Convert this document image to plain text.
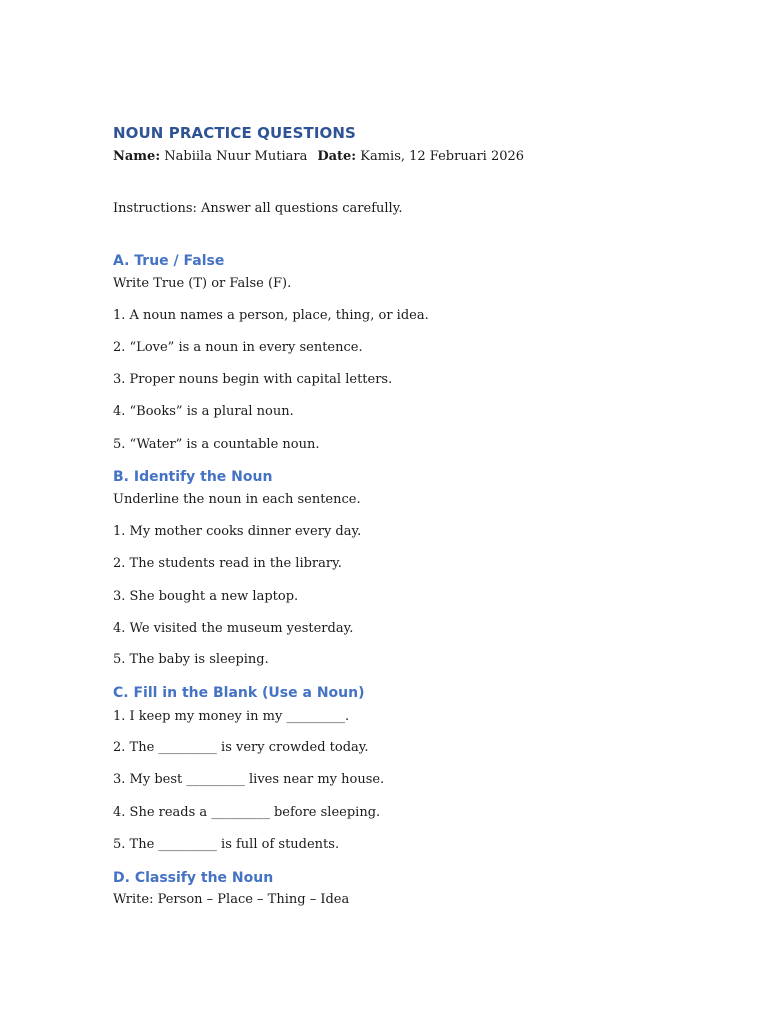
NOUN PRACTICE QUESTIONS
Name: Nabiila Nuur Mutiara Date: Kamis, 12 Februari 2026
Instructions: Answer all questions carefully.
A. True / False
Write True (T) or False (F).
1. A noun names a person, place, thing, or idea.
2. “Love” is a noun in every sentence.
3. Proper nouns begin with capital letters.
4. “Books” is a plural noun.
5. “Water” is a countable noun.
B. Identify the Noun
Underline the noun in each sentence.
1. My mother cooks dinner every day.
2. The students read in the library.
3. She bought a new laptop.
4. We visited the museum yesterday.
5. The baby is sleeping.
C. Fill in the Blank (Use a Noun)
1. I keep my money in my _________.
2. The _________ is very crowded today.
3. My best _________ lives near my house.
4. She reads a _________ before sleeping.
5. The _________ is full of students.
D. Classify the Noun
Write: Person – Place – Thing – Idea
